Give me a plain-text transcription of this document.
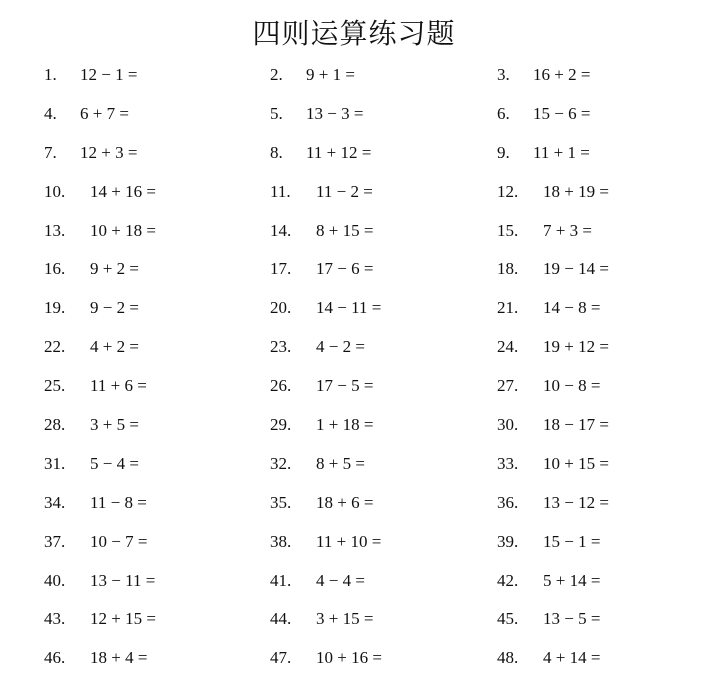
四则运算练习题
1. 12 − 1 =	2. 9 + 1 =	3. 16 + 2 =
4. 6 + 7 =	5. 13 − 3 =	6. 15 − 6 =
7. 12 + 3 =	8. 11 + 12 =	9. 11 + 1 =
10. 14 + 16 =	11. 11 − 2 =	12. 18 + 19 =
13. 10 + 18 =	14. 8 + 15 =	15. 7 + 3 =
16. 9 + 2 =	17. 17 − 6 =	18. 19 − 14 =
19. 9 − 2 =	20. 14 − 11 =	21. 14 − 8 =
22. 4 + 2 =	23. 4 − 2 =	24. 19 + 12 =
25. 11 + 6 =	26. 17 − 5 =	27. 10 − 8 =
28. 3 + 5 =	29. 1 + 18 =	30. 18 − 17 =
31. 5 − 4 =	32. 8 + 5 =	33. 10 + 15 =
34. 11 − 8 =	35. 18 + 6 =	36. 13 − 12 =
37. 10 − 7 =	38. 11 + 10 =	39. 15 − 1 =
40. 13 − 11 =	41. 4 − 4 =	42. 5 + 14 =
43. 12 + 15 =	44. 3 + 15 =	45. 13 − 5 =
46. 18 + 4 =	47. 10 + 16 =	48. 4 + 14 =
